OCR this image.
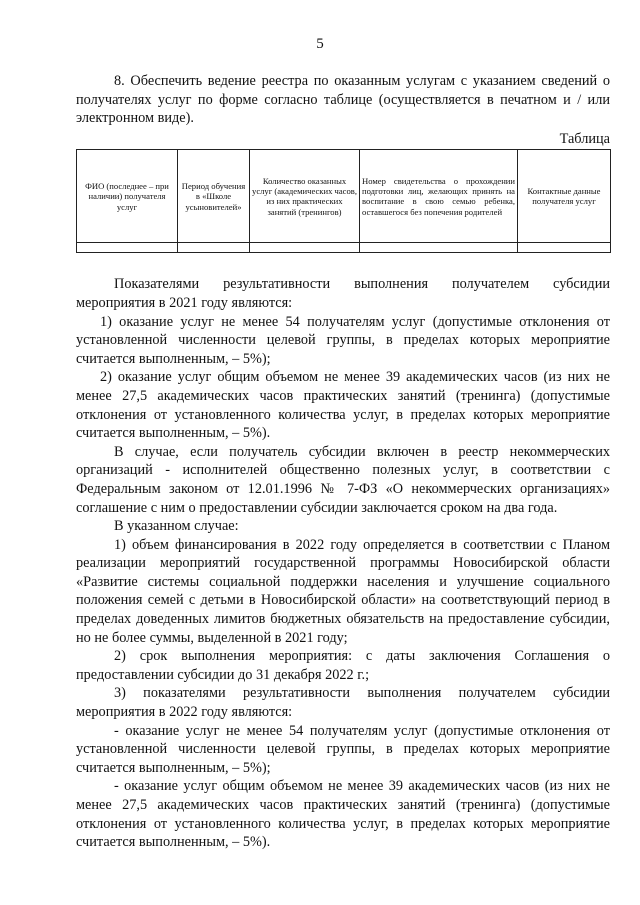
5

8. Обеспечить ведение реестра по оказанным услугам с указанием сведений о получателях услуг по форме согласно таблице (осуществляется в печатном и / или электронном виде).

Таблица

ФИО (последнее – при наличии) получателя услуг	Период обучения в «Школе усыновителей»	Количество оказанных услуг (академических часов, из них практических занятий (тренингов)	Номер свидетельства о прохождении подготовки лиц, желающих принять на воспитание в свою семью ребенка, оставшегося без попечения родителей	Контактные данные получателя услуг

Показателями результативности выполнения получателем субсидии мероприятия в 2021 году являются:

1) оказание услуг не менее 54 получателям услуг (допустимые отклонения от установленной численности целевой группы, в пределах которых мероприятие считается выполненным, – 5%);

2) оказание услуг общим объемом не менее 39 академических часов (из них не менее 27,5 академических часов практических занятий (тренинга) (допустимые отклонения от установленного количества услуг, в пределах которых мероприятие считается выполненным, – 5%).

В случае, если получатель субсидии включен в реестр некоммерческих организаций - исполнителей общественно полезных услуг, в соответствии с Федеральным законом от 12.01.1996 № 7-ФЗ «О некоммерческих организациях» соглашение с ним о предоставлении субсидии заключается сроком на два года.

В указанном случае:

1) объем финансирования в 2022 году определяется в соответствии с Планом реализации мероприятий государственной программы Новосибирской области «Развитие системы социальной поддержки населения и улучшение социального положения семей с детьми в Новосибирской области» на соответствующий период в пределах доведенных лимитов бюджетных обязательств на предоставление субсидии, но не более суммы, выделенной в 2021 году;

2) срок выполнения мероприятия: с даты заключения Соглашения о предоставлении субсидии до 31 декабря 2022 г.;

3) показателями результативности выполнения получателем субсидии мероприятия в 2022 году являются:

- оказание услуг не менее 54 получателям услуг (допустимые отклонения от установленной численности целевой группы, в пределах которых мероприятие считается выполненным, – 5%);

- оказание услуг общим объемом не менее 39 академических часов (из них не менее 27,5 академических часов практических занятий (тренинга) (допустимые отклонения от установленного количества услуг, в пределах которых мероприятие считается выполненным, – 5%).
